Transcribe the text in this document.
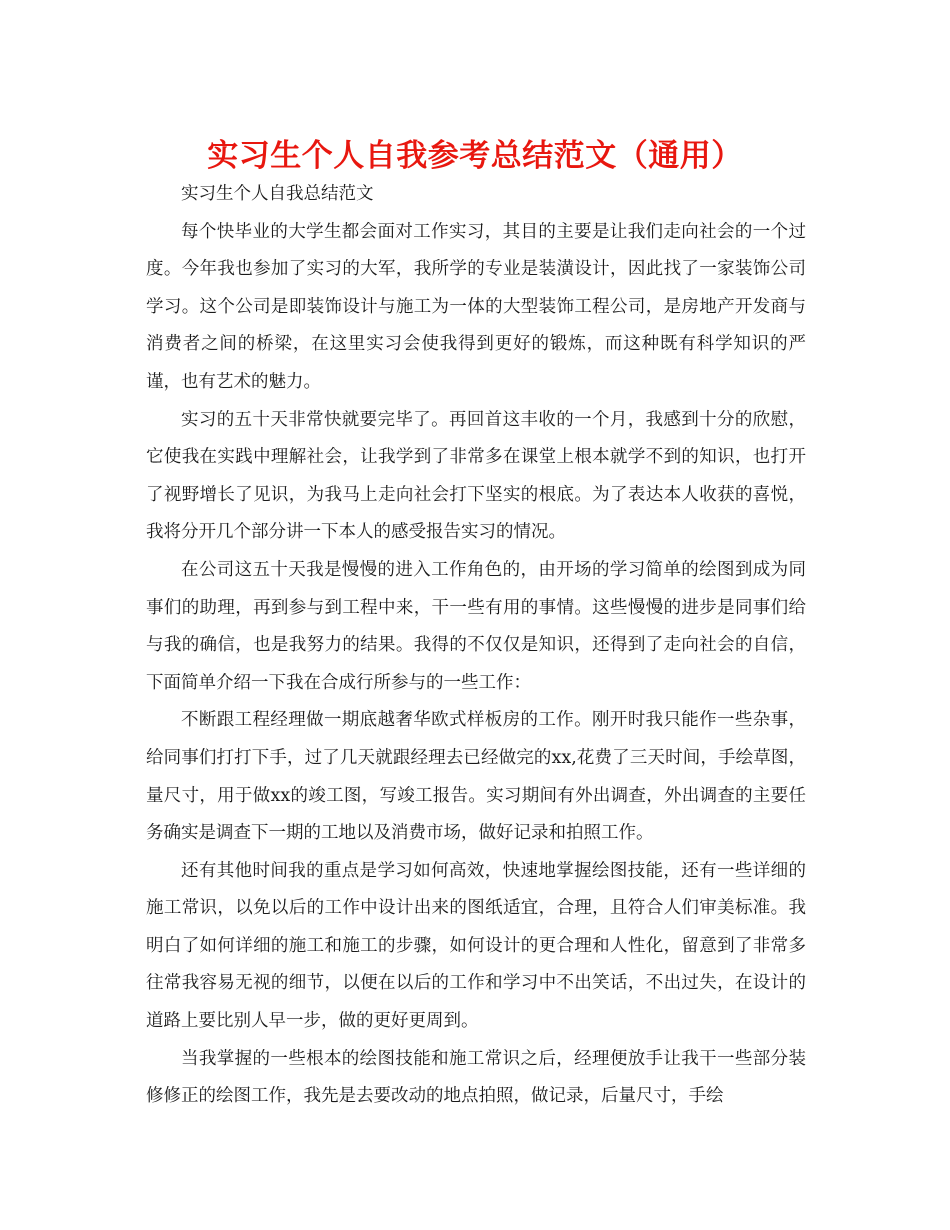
实习生个人自我参考总结范文（通用）

实习生个人自我总结范文

每个快毕业的大学生都会面对工作实习，其目的主要是让我们走向社会的一个过度。今年我也参加了实习的大军，我所学的专业是装潢设计，因此找了一家装饰公司学习。这个公司是即装饰设计与施工为一体的大型装饰工程公司，是房地产开发商与消费者之间的桥梁，在这里实习会使我得到更好的锻炼，而这种既有科学知识的严谨，也有艺术的魅力。

实习的五十天非常快就要完毕了。再回首这丰收的一个月，我感到十分的欣慰，它使我在实践中理解社会，让我学到了非常多在课堂上根本就学不到的知识，也打开了视野增长了见识，为我马上走向社会打下坚实的根底。为了表达本人收获的喜悦，我将分开几个部分讲一下本人的感受报告实习的情况。

在公司这五十天我是慢慢的进入工作角色的，由开场的学习简单的绘图到成为同事们的助理，再到参与到工程中来，干一些有用的事情。这些慢慢的进步是同事们给与我的确信，也是我努力的结果。我得的不仅仅是知识，还得到了走向社会的自信，下面简单介绍一下我在合成行所参与的一些工作：

不断跟工程经理做一期底越奢华欧式样板房的工作。刚开时我只能作一些杂事，给同事们打打下手，过了几天就跟经理去已经做完的xx,花费了三天时间，手绘草图，量尺寸，用于做xx的竣工图，写竣工报告。实习期间有外出调查，外出调查的主要任务确实是调查下一期的工地以及消费市场，做好记录和拍照工作。

还有其他时间我的重点是学习如何高效，快速地掌握绘图技能，还有一些详细的施工常识，以免以后的工作中设计出来的图纸适宜，合理，且符合人们审美标准。我明白了如何详细的施工和施工的步骤，如何设计的更合理和人性化，留意到了非常多往常我容易无视的细节，以便在以后的工作和学习中不出笑话，不出过失，在设计的道路上要比别人早一步，做的更好更周到。

当我掌握的一些根本的绘图技能和施工常识之后，经理便放手让我干一些部分装修修正的绘图工作，我先是去要改动的地点拍照，做记录，后量尺寸，手绘
